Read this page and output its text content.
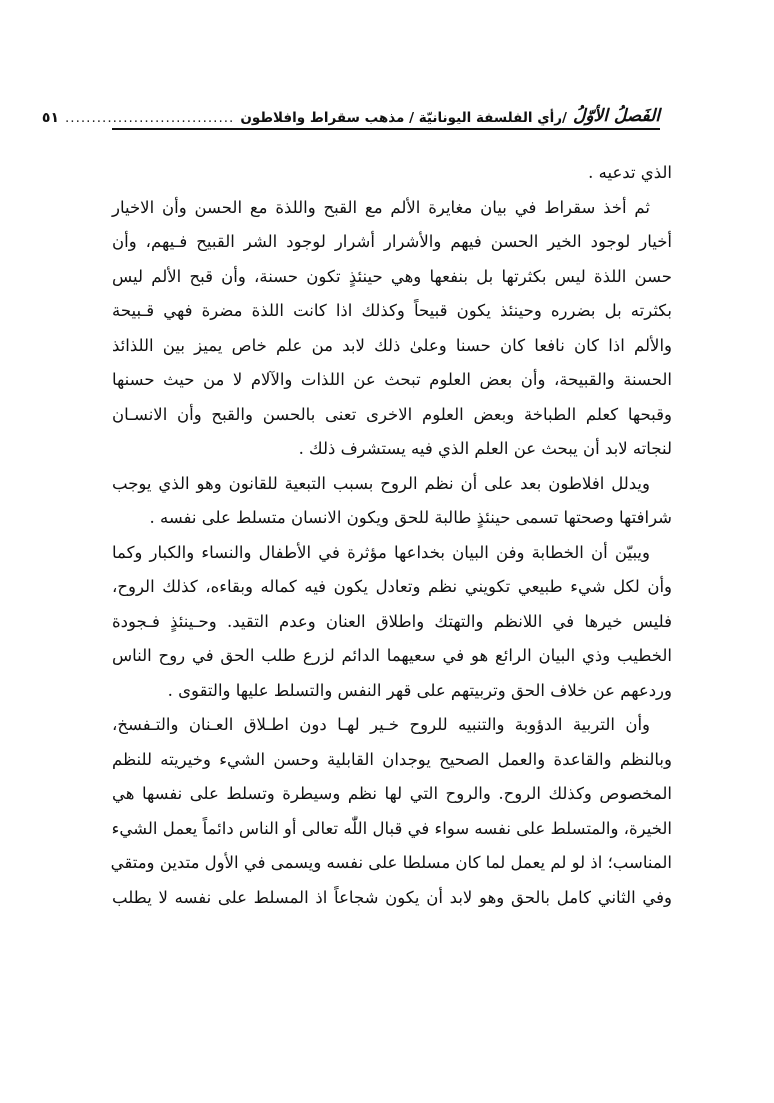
الفَصلُ الأوّلُ
/رأي الفلسفة اليونانيّة / مذهب سقراط وافلاطون
................................
٥١
الذي تدعيه .
ثم أخذ سقراط في بيان مغايرة الألم مع القبح واللذة مع الحسن وأن الاخيار
أخيار لوجود الخير الحسن فيهم والأشرار أشرار لوجود الشر القبيح فـيهم، وأن
حسن اللذة ليس بكثرتها بل بنفعها وهي حينئذٍ تكون حسنة، وأن قبح الألم ليس
بكثرته بل بضرره وحينئذ يكون قبيحاً وكذلك اذا كانت اللذة مضرة فهي قـبيحة
والألم اذا كان نافعا كان حسنا وعلىٰ ذلك لابد من علم خاص يميز بين اللذائذ
الحسنة والقبيحة، وأن بعض العلوم تبحث عن اللذات والآلام لا من حيث حسنها
وقبحها كعلم الطباخة وبعض العلوم الاخرى تعنى بالحسن والقبح وأن الانسـان
لنجاته لابد أن يبحث عن العلم الذي فيه يستشرف ذلك .
ويدلل افلاطون بعد على أن نظم الروح بسبب التبعية للقانون وهو الذي يوجب
شرافتها وصحتها تسمى حينئذٍ طالبة للحق ويكون الانسان متسلط على نفسه .
ويبيّن أن الخطابة وفن البيان بخداعها مؤثرة في الأطفال والنساء والكبار وكما
وأن لكل شيء طبيعي تكويني نظم وتعادل يكون فيه كماله وبقاءه، كذلك الروح،
فليس خيرها في اللانظم والتهتك واطلاق العنان وعدم التقيد. وحـينئذٍ فـجودة
الخطيب وذي البيان الرائع هو في سعيهما الدائم لزرع طلب الحق في روح الناس
وردعهم عن خلاف الحق وتربيتهم على قهر النفس والتسلط عليها والتقوى .
وأن التربية الدؤوبة والتنبيه للروح خـير لهـا دون اطـلاق العـنان والتـفسخ،
وبالنظم والقاعدة والعمل الصحيح يوجدان القابلية وحسن الشيء وخيريته للنظم
المخصوص وكذلك الروح. والروح التي لها نظم وسيطرة وتسلط على نفسها هي
الخيرة، والمتسلط على نفسه سواء في قبال اللّٰه تعالى أو الناس دائماً يعمل الشيء
المناسب؛ اذ لو لم يعمل لما كان مسلطا على نفسه ويسمى في الأول متدين ومتقي
وفي الثاني كامل بالحق وهو لابد أن يكون شجاعاً اذ المسلط على نفسه لا يطلب
